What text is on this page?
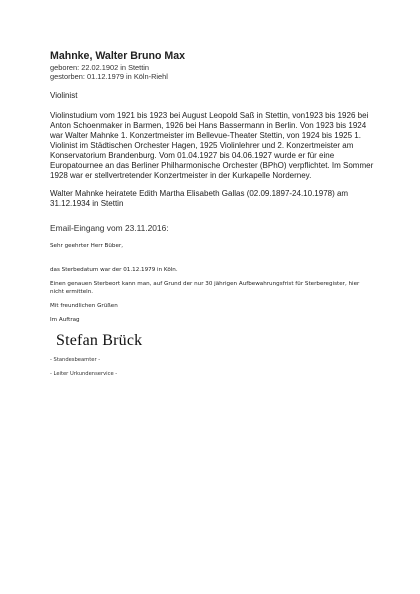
Mahnke, Walter Bruno Max
geboren: 22.02.1902 in Stettin
gestorben: 01.12.1979 in Köln-Riehl

Violinist

Violinstudium vom 1921 bis 1923 bei August Leopold Saß in Stettin, von1923 bis 1926 bei Anton Schoenmaker in Barmen, 1926 bei Hans Bassermann in Berlin. Von 1923 bis 1924 war Walter Mahnke 1. Konzertmeister im Bellevue-Theater Stettin, von 1924 bis 1925 1. Violinist im Städtischen Orchester Hagen, 1925 Violinlehrer und 2. Konzertmeister am Konservatorium Brandenburg. Vom 01.04.1927 bis 04.06.1927 wurde er für eine Europatournee an das Berliner Philharmonische Orchester (BPhO) verpflichtet. Im Sommer 1928 war er stellvertretender Konzertmeister in der Kurkapelle Norderney.

Walter Mahnke heiratete Edith Martha Elisabeth Gallas (02.09.1897-24.10.1978) am 31.12.1934 in Stettin

Email-Eingang vom 23.11.2016:
Sehr geehrter Herr Büber,
das Sterbedatum war der 01.12.1979 in Köln.
Einen genauen Sterbeort kann man, auf Grund der nur 30 jährigen Aufbewahrungsfrist für Sterberegister, hier nicht ermitteln.
Mit freundlichen Grüßen
Im Auftrag
Stefan Brück
- Standesbeamter -
- Leiter Urkundenservice -
